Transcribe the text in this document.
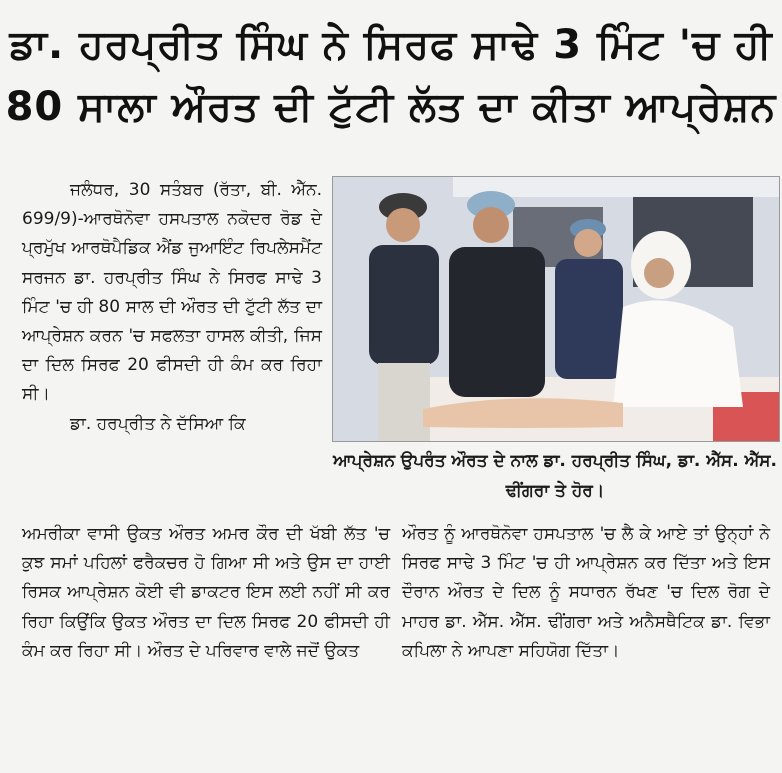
ਡਾ. ਹਰਪ੍ਰੀਤ ਸਿੰਘ ਨੇ ਸਿਰਫ ਸਾਢੇ 3 ਮਿੰਟ 'ਚ ਹੀ
80 ਸਾਲਾ ਔਰਤ ਦੀ ਟੁੱਟੀ ਲੱਤ ਦਾ ਕੀਤਾ ਆਪ੍ਰੇਸ਼ਨ

ਜਲੰਧਰ, 30 ਸਤੰਬਰ (ਰੱਤਾ, ਬੀ. ਐੱਨ. 699/9)-ਆਰਥੋਨੋਵਾ ਹਸਪਤਾਲ ਨਕੋਦਰ ਰੋਡ ਦੇ ਪ੍ਰਮੁੱਖ ਆਰਥੋਪੈਡਿਕ ਐਂਡ ਜੁਆਇੰਟ ਰਿਪਲੇਸਮੈਂਟ ਸਰਜਨ ਡਾ. ਹਰਪ੍ਰੀਤ ਸਿੰਘ ਨੇ ਸਿਰਫ ਸਾਢੇ 3 ਮਿੰਟ 'ਚ ਹੀ 80 ਸਾਲ ਦੀ ਔਰਤ ਦੀ ਟੁੱਟੀ ਲੱਤ ਦਾ ਆਪ੍ਰੇਸ਼ਨ ਕਰਨ 'ਚ ਸਫਲਤਾ ਹਾਸਲ ਕੀਤੀ, ਜਿਸ ਦਾ ਦਿਲ ਸਿਰਫ 20 ਫੀਸਦੀ ਹੀ ਕੰਮ ਕਰ ਰਿਹਾ ਸੀ।

ਡਾ. ਹਰਪ੍ਰੀਤ ਨੇ ਦੱਸਿਆ ਕਿ

ਆਪ੍ਰੇਸ਼ਨ ਉਪਰੰਤ ਔਰਤ ਦੇ ਨਾਲ ਡਾ. ਹਰਪ੍ਰੀਤ ਸਿੰਘ, ਡਾ. ਐੱਸ. ਐੱਸ. ਢੀਂਗਰਾ ਤੇ ਹੋਰ।

ਅਮਰੀਕਾ ਵਾਸੀ ਉਕਤ ਔਰਤ ਅਮਰ ਕੌਰ ਦੀ ਖੱਬੀ ਲੱਤ 'ਚ ਕੁਝ ਸਮਾਂ ਪਹਿਲਾਂ ਫਰੈਕਚਰ ਹੋ ਗਿਆ ਸੀ ਅਤੇ ਉਸ ਦਾ ਹਾਈ ਰਿਸਕ ਆਪ੍ਰੇਸ਼ਨ ਕੋਈ ਵੀ ਡਾਕਟਰ ਇਸ ਲਈ ਨਹੀਂ ਸੀ ਕਰ ਰਿਹਾ ਕਿਉਂਕਿ ਉਕਤ ਔਰਤ ਦਾ ਦਿਲ ਸਿਰਫ 20 ਫੀਸਦੀ ਹੀ ਕੰਮ ਕਰ ਰਿਹਾ ਸੀ। ਔਰਤ ਦੇ ਪਰਿਵਾਰ ਵਾਲੇ ਜਦੋਂ ਉਕਤ

ਔਰਤ ਨੂੰ ਆਰਥੋਨੋਵਾ ਹਸਪਤਾਲ 'ਚ ਲੈ ਕੇ ਆਏ ਤਾਂ ਉਨ੍ਹਾਂ ਨੇ ਸਿਰਫ ਸਾਢੇ 3 ਮਿੰਟ 'ਚ ਹੀ ਆਪ੍ਰੇਸ਼ਨ ਕਰ ਦਿੱਤਾ ਅਤੇ ਇਸ ਦੌਰਾਨ ਔਰਤ ਦੇ ਦਿਲ ਨੂੰ ਸਧਾਰਨ ਰੱਖਣ 'ਚ ਦਿਲ ਰੋਗ ਦੇ ਮਾਹਰ ਡਾ. ਐੱਸ. ਐੱਸ. ਢੀਂਗਰਾ ਅਤੇ ਅਨੈਸਥੈਟਿਕ ਡਾ. ਵਿਭਾ ਕਪਿਲਾ ਨੇ ਆਪਣਾ ਸਹਿਯੋਗ ਦਿੱਤਾ।
